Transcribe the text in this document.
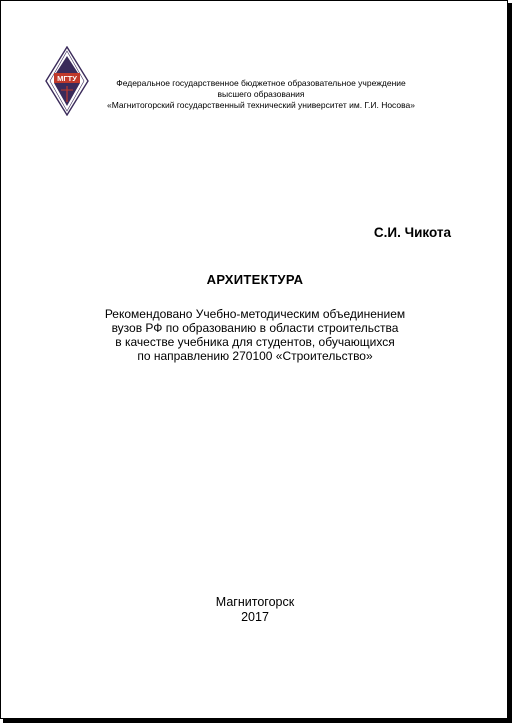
МГТУ	Федеральное государственное бюджетное образовательное учреждение
высшего образования
«Магнитогорский государственный технический университет им. Г.И. Носова»
С.И. Чикота
АРХИТЕКТУРА
Рекомендовано Учебно-методическим объединением
вузов РФ по образованию в области строительства
в качестве учебника для студентов, обучающихся
по направлению 270100 «Строительство»
Магнитогорск
2017
